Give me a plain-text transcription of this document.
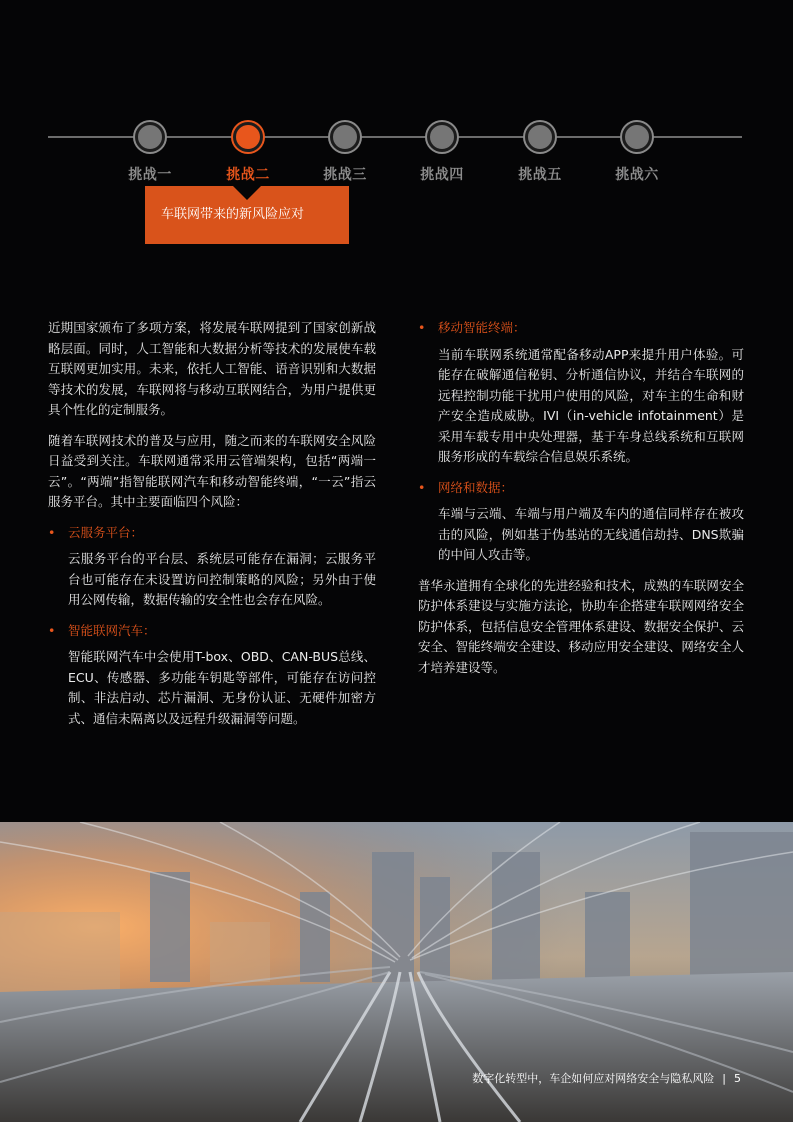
挑战一	挑战二	挑战三	挑战四	挑战五	挑战六
车联网带来的新风险应对

近期国家颁布了多项方案，将发展车联网提到了国家创新战略层面。同时，人工智能和大数据分析等技术的发展使车载互联网更加实用。未来，依托人工智能、语音识别和大数据等技术的发展，车联网将与移动互联网结合，为用户提供更具个性化的定制服务。

随着车联网技术的普及与应用，随之而来的车联网安全风险日益受到关注。车联网通常采用云管端架构，包括“两端一云”。“两端”指智能联网汽车和移动智能终端，“一云”指云服务平台。其中主要面临四个风险：

• 云服务平台：

云服务平台的平台层、系统层可能存在漏洞；云服务平台也可能存在未设置访问控制策略的风险；另外由于使用公网传输，数据传输的安全性也会存在风险。

• 智能联网汽车：

智能联网汽车中会使用T-box、OBD、CAN-BUS总线、ECU、传感器、多功能车钥匙等部件，可能存在访问控制、非法启动、芯片漏洞、无身份认证、无硬件加密方式、通信未隔离以及远程升级漏洞等问题。

• 移动智能终端：

当前车联网系统通常配备移动APP来提升用户体验。可能存在破解通信秘钥、分析通信协议，并结合车联网的远程控制功能干扰用户使用的风险，对车主的生命和财产安全造成威胁。IVI（in-vehicle infotainment）是采用车载专用中央处理器，基于车身总线系统和互联网服务形成的车载综合信息娱乐系统。

• 网络和数据：

车端与云端、车端与用户端及车内的通信同样存在被攻击的风险，例如基于伪基站的无线通信劫持、DNS欺骗的中间人攻击等。

普华永道拥有全球化的先进经验和技术，成熟的车联网安全防护体系建设与实施方法论，协助车企搭建车联网网络安全防护体系，包括信息安全管理体系建设、数据安全保护、云安全、智能终端安全建设、移动应用安全建设、网络安全人才培养建设等。

数字化转型中，车企如何应对网络安全与隐私风险 | 5
